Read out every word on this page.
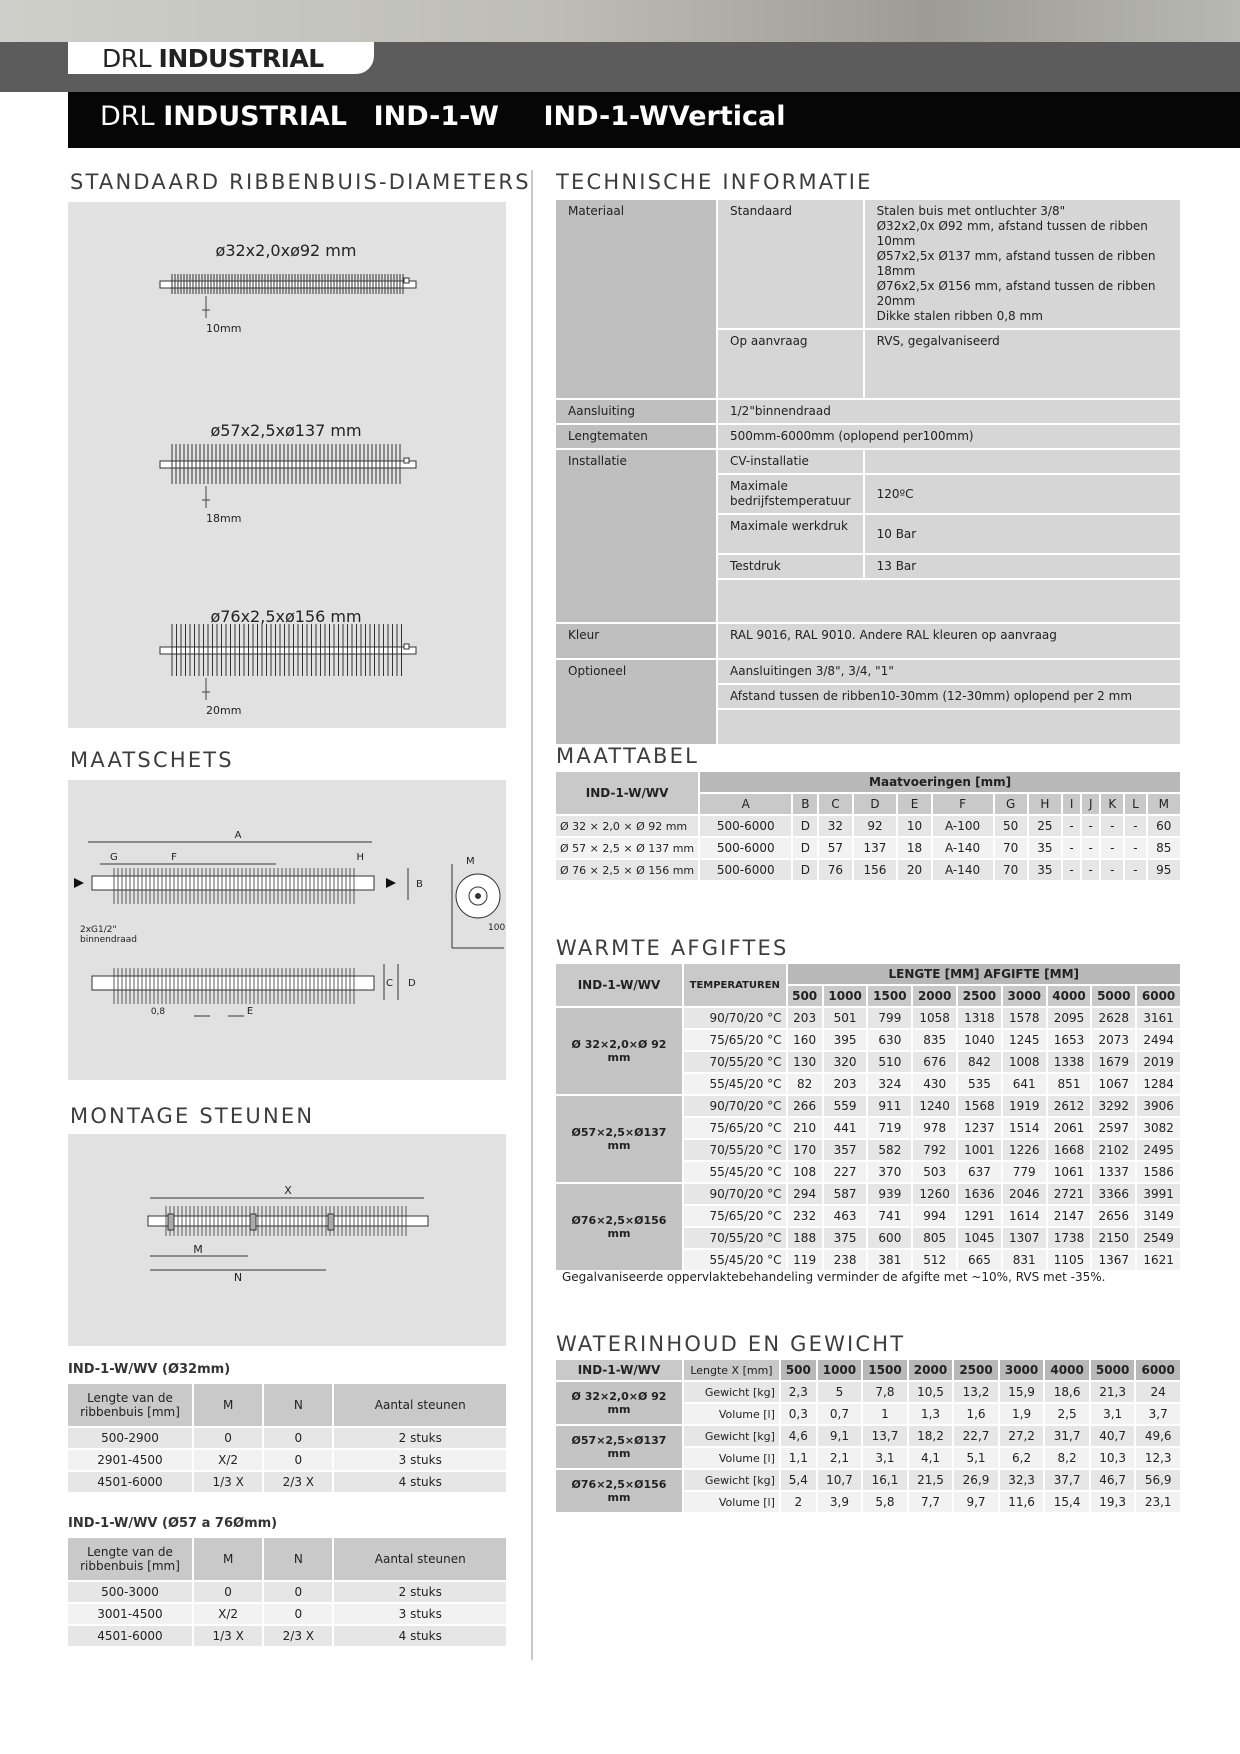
DRL INDUSTRIAL
DRL INDUSTRIAL IND-1-W IND-1-WVertical
STANDAARD RIBBENBUIS-DIAMETERS
ø32x2,0xø92 mm
10mm
ø57x2,5xø137 mm
18mm
ø76x2,5xø156 mm
20mm
MAATSCHETS
A
F
G	H
B
2xG1/2"
binnendraad
M
100
C D
0,8	E
MONTAGE STEUNEN
X
M
N
IND-1-W/WV (Ø32mm)
Lengte van de ribbenbuis [mm]	M	N	Aantal steunen
500-2900	0	0	2 stuks
2901-4500	X/2	0	3 stuks
4501-6000	1/3 X	2/3 X	4 stuks
IND-1-W/WV (Ø57 a 76Ømm)
Lengte van de ribbenbuis [mm]	M	N	Aantal steunen
500-3000	0	0	2 stuks
3001-4500	X/2	0	3 stuks
4501-6000	1/3 X	2/3 X	4 stuks
TECHNISCHE INFORMATIE
Materiaal	Standaard	Stalen buis met ontluchter 3/8"
Ø32x2,0x Ø92 mm, afstand tussen de ribben 10mm
Ø57x2,5x Ø137 mm, afstand tussen de ribben 18mm
Ø76x2,5x Ø156 mm, afstand tussen de ribben 20mm
Dikke stalen ribben 0,8 mm

	Op aanvraag	RVS, gegalvaniseerd
Aansluiting	1/2"binnendraad	
Lengtematen	500mm-6000mm (oplopend per100mm)	
Installatie	CV-installatie	
	Maximale bedrijfstemperatuur	120ºC
	Maximale werkdruk	10 Bar
	Testdruk	13 Bar

Kleur	RAL 9016, RAL 9010. Andere RAL kleuren op aanvraag	
Optioneel	Aansluitingen 3/8", 3/4, "1"	
	Afstand tussen de ribben10-30mm (12-30mm) oplopend per 2 mm	

MAATTABEL
IND-1-W/WV	Maatvoeringen [mm]												
	A	B	C	D	E	F	G	H	I	J	K	L	M
Ø 32 × 2,0 × Ø 92 mm	500-6000	D	32	92	10	A-100	50	25	-	-	-	-	60
Ø 57 × 2,5 × Ø 137 mm	500-6000	D	57	137	18	A-140	70	35	-	-	-	-	85
Ø 76 × 2,5 × Ø 156 mm	500-6000	D	76	156	20	A-140	70	35	-	-	-	-	95
WARMTE AFGIFTES
IND-1-W/WV	TEMPERATUREN	LENGTE [MM] AFGIFTE [MM]								
		500	1000	1500	2000	2500	3000	4000	5000	6000
Ø 32×2,0×Ø 92 mm	90/70/20 °C	203	501	799	1058	1318	1578	2095	2628	3161
	75/65/20 °C	160	395	630	835	1040	1245	1653	2073	2494
	70/55/20 °C	130	320	510	676	842	1008	1338	1679	2019
	55/45/20 °C	82	203	324	430	535	641	851	1067	1284
Ø57×2,5×Ø137 mm	90/70/20 °C	266	559	911	1240	1568	1919	2612	3292	3906
	75/65/20 °C	210	441	719	978	1237	1514	2061	2597	3082
	70/55/20 °C	170	357	582	792	1001	1226	1668	2102	2495
	55/45/20 °C	108	227	370	503	637	779	1061	1337	1586
Ø76×2,5×Ø156 mm	90/70/20 °C	294	587	939	1260	1636	2046	2721	3366	3991
	75/65/20 °C	232	463	741	994	1291	1614	2147	2656	3149
	70/55/20 °C	188	375	600	805	1045	1307	1738	2150	2549
	55/45/20 °C	119	238	381	512	665	831	1105	1367	1621
Gegalvaniseerde oppervlaktebehandeling verminder de afgifte met ~10%, RVS met -35%.
WATERINHOUD EN GEWICHT
IND-1-W/WV	Lengte X [mm]	500	1000	1500	2000	2500	3000	4000	5000	6000
Ø 32×2,0×Ø 92 mm	Gewicht [kg]	2,3	5	7,8	10,5	13,2	15,9	18,6	21,3	24
	Volume [l]	0,3	0,7	1	1,3	1,6	1,9	2,5	3,1	3,7
Ø57×2,5×Ø137 mm	Gewicht [kg]	4,6	9,1	13,7	18,2	22,7	27,2	31,7	40,7	49,6
	Volume [l]	1,1	2,1	3,1	4,1	5,1	6,2	8,2	10,3	12,3
Ø76×2,5×Ø156 mm	Gewicht [kg]	5,4	10,7	16,1	21,5	26,9	32,3	37,7	46,7	56,9
	Volume [l]	2	3,9	5,8	7,7	9,7	11,6	15,4	19,3	23,1
